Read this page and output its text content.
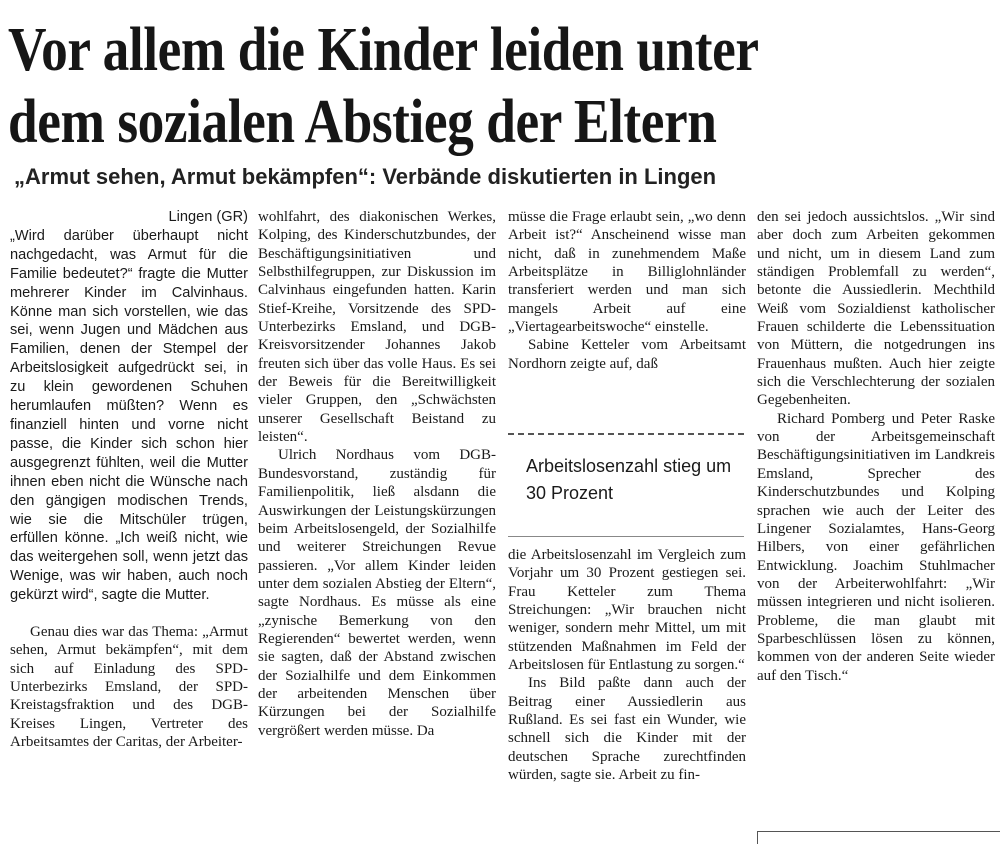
Vor allem die Kinder leiden unter
dem sozialen Abstieg der Eltern
„Armut sehen, Armut bekämpfen“: Verbände diskutierten in Lingen

Lingen (GR)

„Wird darüber überhaupt nicht nachgedacht, was Armut für die Familie bedeutet?“ fragte die Mutter mehrerer Kinder im Calvinhaus. Könne man sich vorstellen, wie das sei, wenn Jugen und Mädchen aus Familien, denen der Stempel der Arbeitslosigkeit aufgedrückt sei, in zu klein gewordenen Schuhen herumlaufen müßten? Wenn es finanziell hinten und vorne nicht passe, die Kinder sich schon hier ausgegrenzt fühlten, weil die Mutter ihnen eben nicht die Wünsche nach den gängigen modischen Trends, wie sie die Mitschüler trügen, erfüllen könne. „Ich weiß nicht, wie das weitergehen soll, wenn jetzt das Wenige, was wir haben, auch noch gekürzt wird“, sagte die Mutter.

Genau dies war das Thema: „Armut sehen, Armut bekämpfen“, mit dem sich auf Einladung des SPD-Unterbezirks Emsland, der SPD-Kreistagsfraktion und des DGB-Kreises Lingen, Vertreter des Arbeitsamtes der Caritas, der Arbeiter-

wohlfahrt, des diakonischen Werkes, Kolping, des Kinderschutzbundes, der Beschäftigungsinitiativen und Selbsthilfegruppen, zur Diskussion im Calvinhaus eingefunden hatten. Karin Stief-Kreihe, Vorsitzende des SPD-Unterbezirks Emsland, und DGB-Kreisvorsitzender Johannes Jakob freuten sich über das volle Haus. Es sei der Beweis für die Bereitwilligkeit vieler Gruppen, den „Schwächsten unserer Gesellschaft Beistand zu leisten“.

Ulrich Nordhaus vom DGB-Bundesvorstand, zuständig für Familienpolitik, ließ alsdann die Auswirkungen der Leistungskürzungen beim Arbeitslosengeld, der Sozialhilfe und weiterer Streichungen Revue passieren. „Vor allem Kinder leiden unter dem sozialen Abstieg der Eltern“, sagte Nordhaus. Es müsse als eine „zynische Bemerkung von den Regierenden“ bewertet werden, wenn sie sagten, daß der Abstand zwischen der Sozialhilfe und dem Einkommen der arbeitenden Menschen über Kürzungen bei der Sozialhilfe vergrößert werden müsse. Da

müsse die Frage erlaubt sein, „wo denn Arbeit ist?“ Anscheinend wisse man nicht, daß in zunehmendem Maße Arbeitsplätze in Billiglohnländer transferiert werden und man sich mangels Arbeit auf eine „Viertagearbeitswoche“ einstelle.

Sabine Ketteler vom Arbeitsamt Nordhorn zeigte auf, daß

Arbeitslosenzahl stieg um 30 Prozent

die Arbeitslosenzahl im Vergleich zum Vorjahr um 30 Prozent gestiegen sei. Frau Ketteler zum Thema Streichungen: „Wir brauchen nicht weniger, sondern mehr Mittel, um mit stützenden Maßnahmen im Feld der Arbeitslosen für Entlastung zu sorgen.“

Ins Bild paßte dann auch der Beitrag einer Aussiedlerin aus Rußland. Es sei fast ein Wunder, wie schnell sich die Kinder mit der deutschen Sprache zurechtfinden würden, sagte sie. Arbeit zu fin-

den sei jedoch aussichtslos. „Wir sind aber doch zum Arbeiten gekommen und nicht, um in diesem Land zum ständigen Problemfall zu werden“, betonte die Aussiedlerin. Mechthild Weiß vom Sozialdienst katholischer Frauen schilderte die Lebenssituation von Müttern, die notgedrungen ins Frauenhaus mußten. Auch hier zeigte sich die Verschlechterung der sozialen Gegebenheiten.

Richard Pomberg und Peter Raske von der Arbeitsgemeinschaft Beschäftigungsinitiativen im Landkreis Emsland, Sprecher des Kinderschutzbundes und Kolping sprachen wie auch der Leiter des Lingener Sozialamtes, Hans-Georg Hilbers, von einer gefährlichen Entwicklung. Joachim Stuhlmacher von der Arbeiterwohlfahrt: „Wir müssen integrieren und nicht isolieren. Probleme, die man glaubt mit Sparbeschlüssen lösen zu können, kommen von der anderen Seite wieder auf den Tisch.“
